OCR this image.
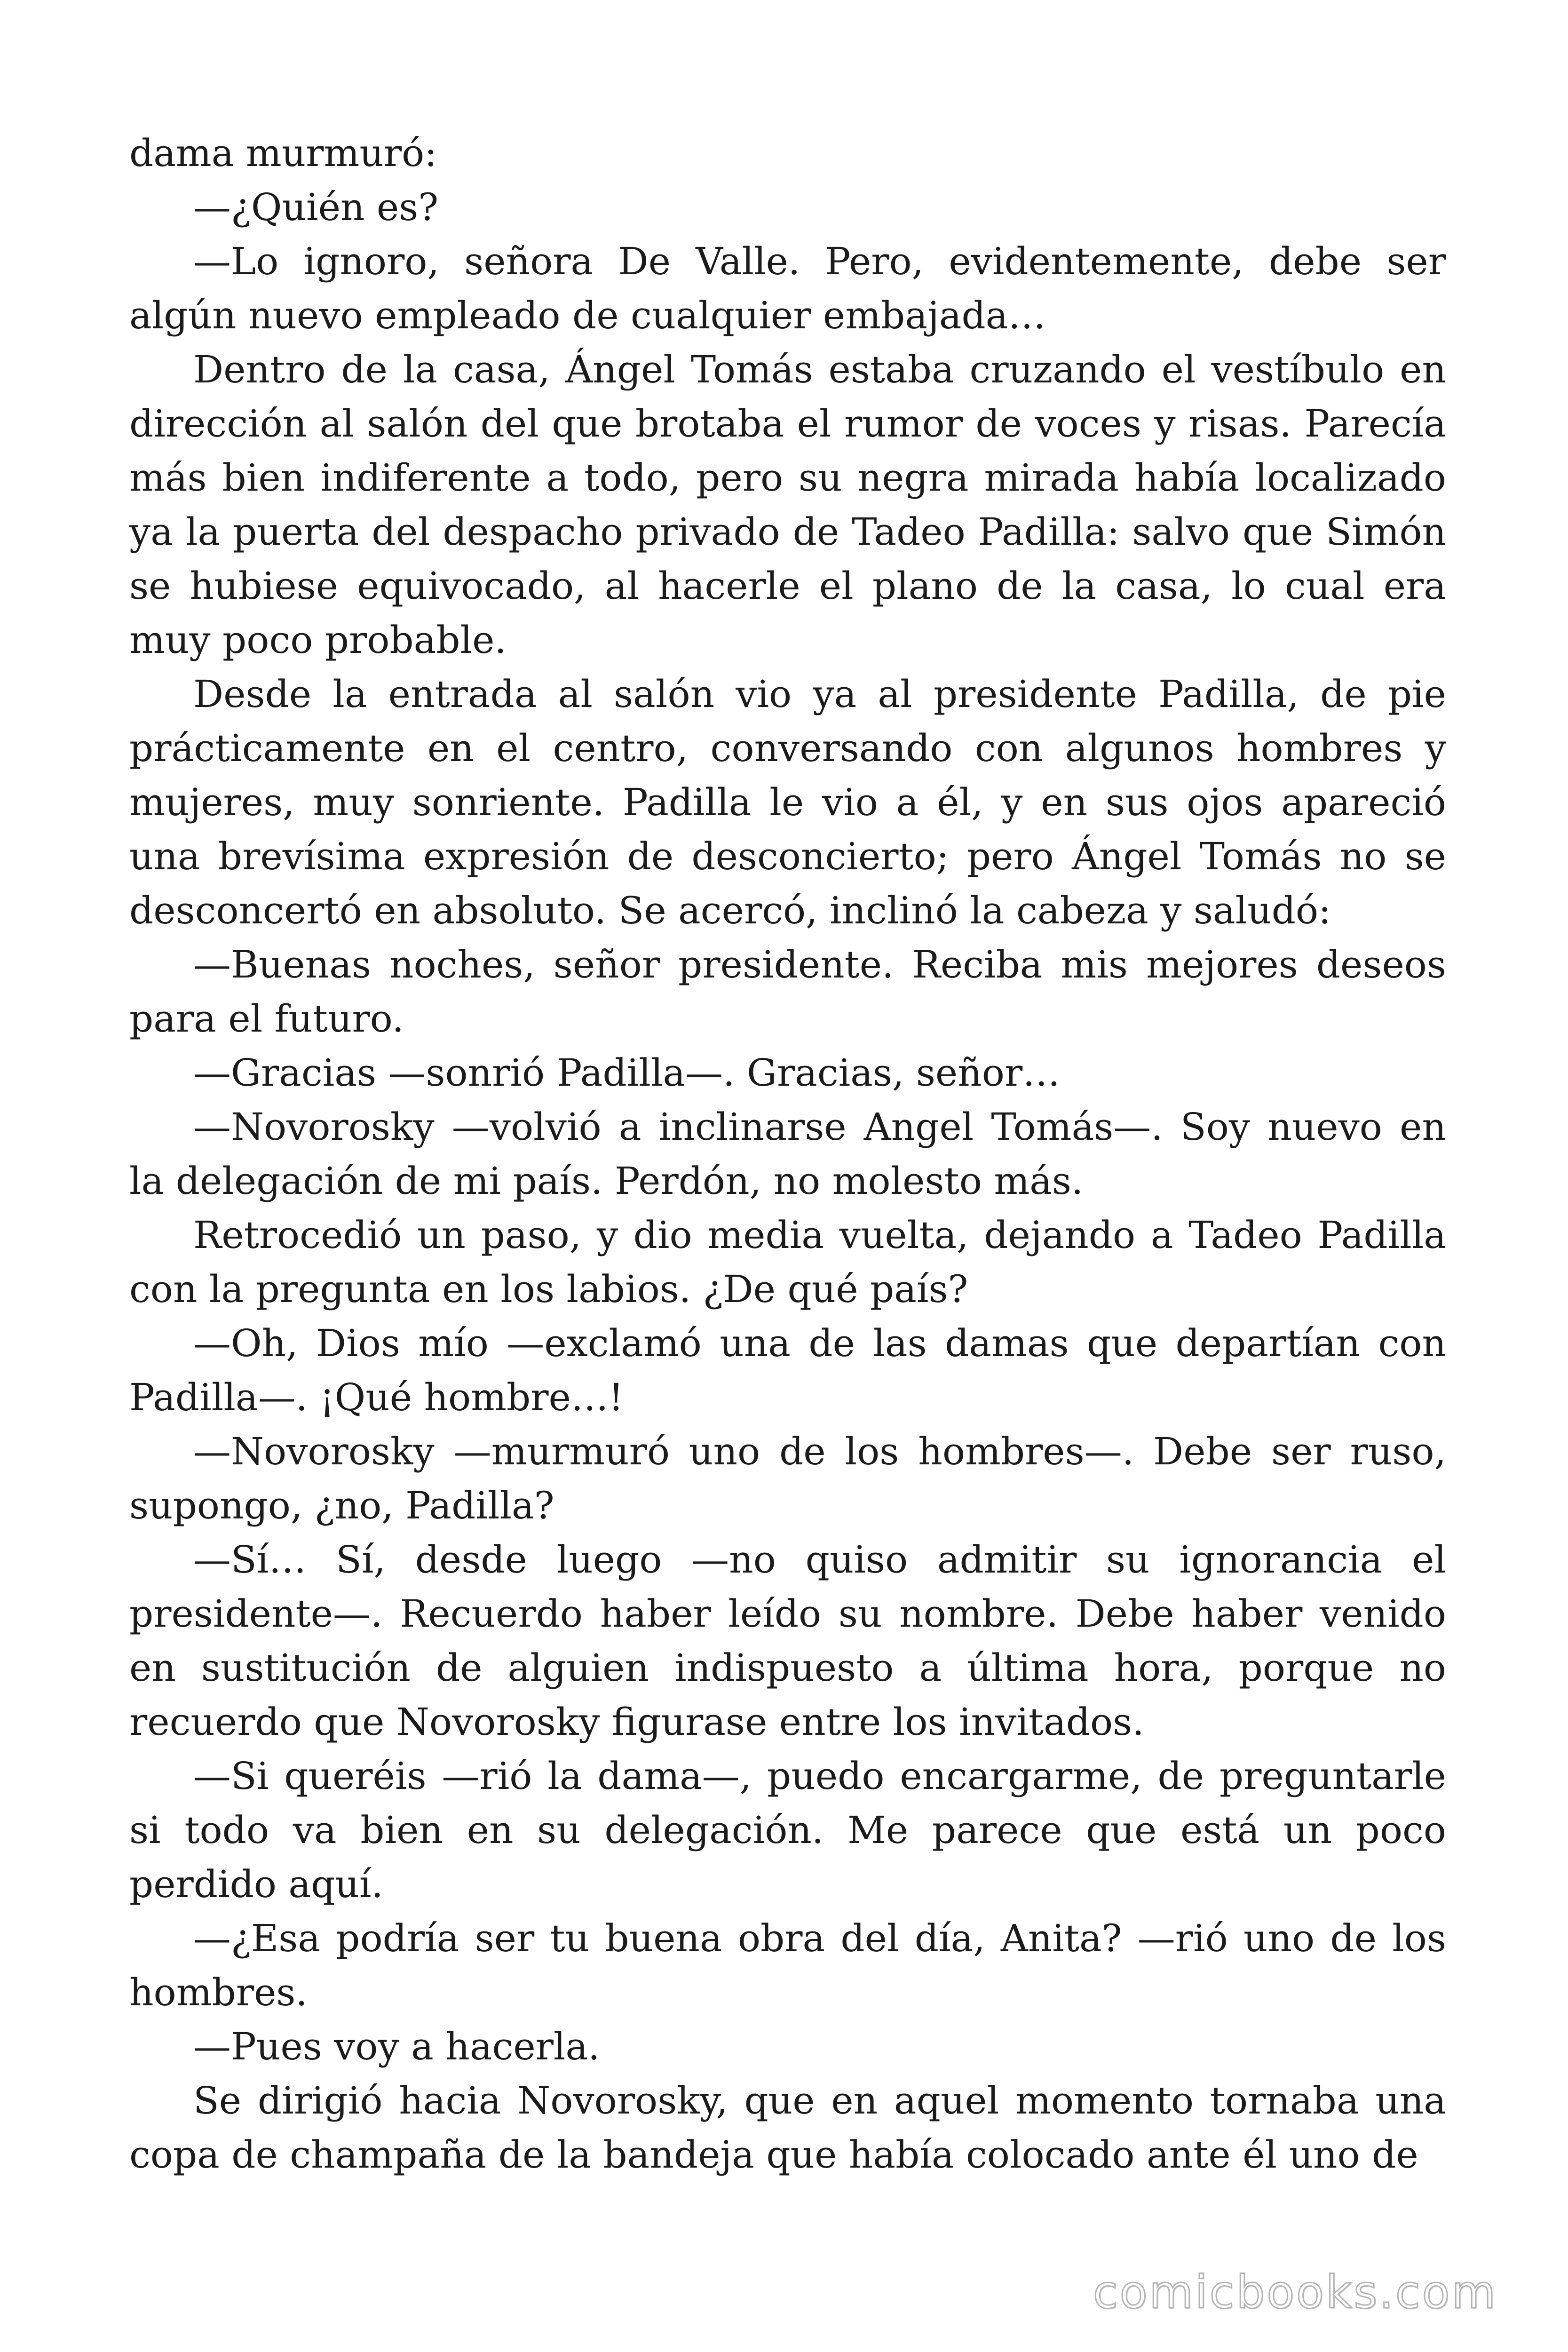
dama murmuró:

—¿Quién es?

—Lo ignoro, señora De Valle. Pero, evidentemente, debe ser algún nuevo empleado de cualquier embajada…

Dentro de la casa, Ángel Tomás estaba cruzando el vestíbulo en dirección al salón del que brotaba el rumor de voces y risas. Parecía más bien indiferente a todo, pero su negra mirada había localizado ya la puerta del despacho privado de Tadeo Padilla: salvo que Simón se hubiese equivocado, al hacerle el plano de la casa, lo cual era muy poco probable.

Desde la entrada al salón vio ya al presidente Padilla, de pie prácticamente en el centro, conversando con algunos hombres y mujeres, muy sonriente. Padilla le vio a él, y en sus ojos apareció una brevísima expresión de desconcierto; pero Ángel Tomás no se desconcertó en absoluto. Se acercó, inclinó la cabeza y saludó:

—Buenas noches, señor presidente. Reciba mis mejores deseos para el futuro.

—Gracias —sonrió Padilla—. Gracias, señor…

—Novorosky —volvió a inclinarse Angel Tomás—. Soy nuevo en la delegación de mi país. Perdón, no molesto más.

Retrocedió un paso, y dio media vuelta, dejando a Tadeo Padilla con la pregunta en los labios. ¿De qué país?

—Oh, Dios mío —exclamó una de las damas que departían con Padilla—. ¡Qué hombre…!

—Novorosky —murmuró uno de los hombres—. Debe ser ruso, supongo, ¿no, Padilla?

—Sí… Sí, desde luego —no quiso admitir su ignorancia el presidente—. Recuerdo haber leído su nombre. Debe haber venido en sustitución de alguien indispuesto a última hora, porque no recuerdo que Novorosky figurase entre los invitados.

—Si queréis —rió la dama—, puedo encargarme, de preguntarle si todo va bien en su delegación. Me parece que está un poco perdido aquí.

—¿Esa podría ser tu buena obra del día, Anita? —rió uno de los hombres.

—Pues voy a hacerla.

Se dirigió hacia Novorosky, que en aquel momento tornaba una copa de champaña de la bandeja que había colocado ante él uno de

comicbooks.com
